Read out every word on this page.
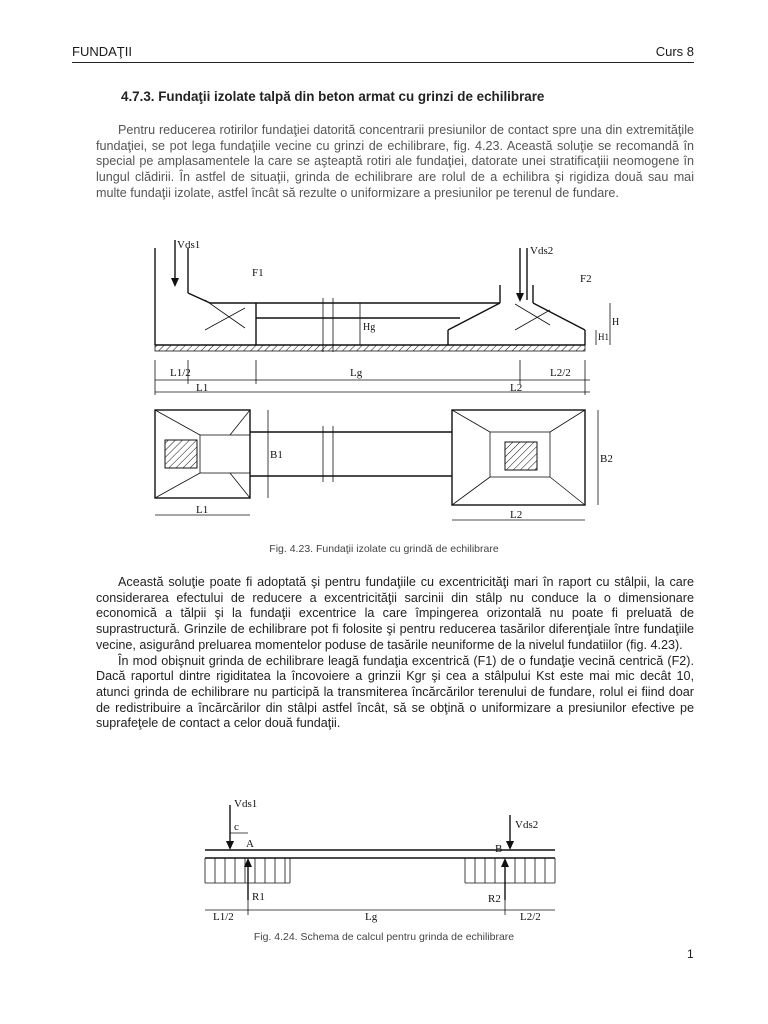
FUNDAŢII	Curs 8
4.7.3. Fundaţii izolate talpă din beton armat cu grinzi de echilibrare

Pentru reducerea rotirilor fundaţiei datorită concentrarii presiunilor de contact spre una din extremităţile fundaţiei, se pot lega fundaţiile vecine cu grinzi de echilibrare, fig. 4.23. Această soluţie se recomandă în special pe amplasamentele la care se aşteaptă rotiri ale fundaţiei, datorate unei stratificaţiii neomogene în lungul clădirii. În astfel de situaţii, grinda de echilibrare are rolul de a echilibra şi rigidiza două sau mai multe fundaţii izolate, astfel încât să rezulte o uniformizare a presiunilor pe terenul de fundare.

Vds1	Vds2
F1	F2
Hg	H
H1
L1/2	Lg	L2/2
L1	L2
B1	B2
L1	L2
Fig. 4.23. Fundaţii izolate cu grindă de echilibrare

Această soluţie poate fi adoptată şi pentru fundaţiile cu excentricităţi mari în raport cu stâlpii, la care considerarea efectului de reducere a excentricităţii sarcinii din stâlp nu conduce la o dimensionare economică a tălpii şi la fundaţii excentrice la care împingerea orizontală nu poate fi preluată de suprastructură. Grinzile de echilibrare pot fi folosite şi pentru reducerea tasărilor diferenţiale între fundaţiile vecine, asigurând preluarea momentelor poduse de tasările neuniforme de la nivelul fundatiilor (fig. 4.23).

În mod obişnuit grinda de echilibrare leagă fundaţia excentrică (F1) de o fundaţie vecină centrică (F2). Dacă raportul dintre rigiditatea la încovoiere a grinzii Kgr şi cea a stâlpului Kst este mai mic decât 10, atunci grinda de echilibrare nu participă la transmiterea încărcărilor terenului de fundare, rolul ei fiind doar de redistribuire a încărcărilor din stâlpi astfel încât, să se obţină o uniformizare a presiunilor efective pe suprafeţele de contact a celor două fundaţii.

Vds1
Vds2
c
A	B
R1	R2
L1/2	Lg	L2/2
Fig. 4.24. Schema de calcul pentru grinda de echilibrare
1
